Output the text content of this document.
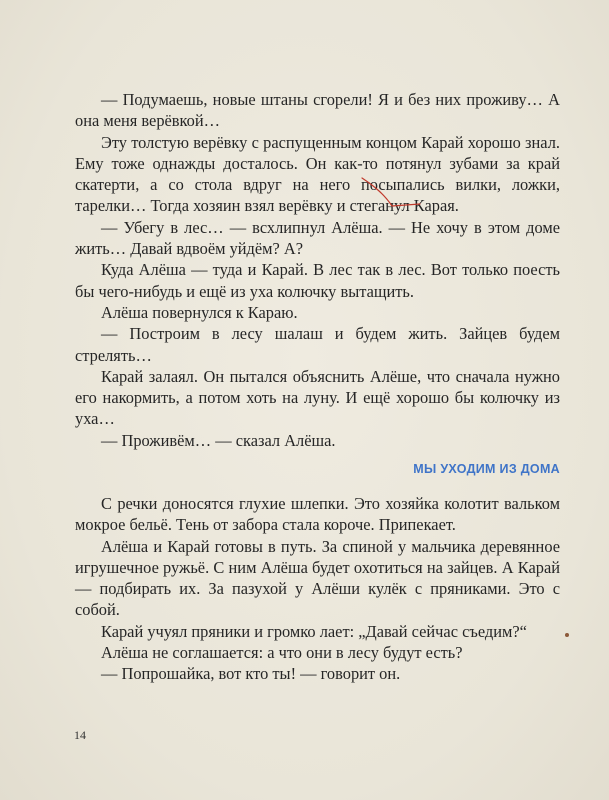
— Подумаешь, новые штаны сгорели! Я и без них проживу… А она меня верёвкой…

Эту толстую верёвку с распущенным концом Карай хорошо знал. Ему тоже однажды досталось. Он как-то потянул зубами за край скатерти, а со стола вдруг на него посыпались вилки, ложки, тарелки… Тогда хозяин взял верёвку и стеганул Карая.

— Убегу в лес… — всхлипнул Алёша. — Не хочу в этом доме жить… Давай вдвоём уйдём? А?

Куда Алёша — туда и Карай. В лес так в лес. Вот только поесть бы чего-нибудь и ещё из уха колючку вытащить.

Алёша повернулся к Караю.

— Построим в лесу шалаш и будем жить. Зайцев будем стрелять…

Карай залаял. Он пытался объяснить Алёше, что сначала нужно его накормить, а потом хоть на луну. И ещё хорошо бы колючку из уха…

— Проживём… — сказал Алёша.

МЫ УХОДИМ ИЗ ДОМА

С речки доносятся глухие шлепки. Это хозяйка колотит вальком мокрое бельё. Тень от забора стала короче. Припекает.

Алёша и Карай готовы в путь. За спиной у мальчика деревянное игрушечное ружьё. С ним Алёша будет охотиться на зайцев. А Карай — подбирать их. За пазухой у Алёши кулёк с пряниками. Это с собой.

Карай учуял пряники и громко лает: „Давай сейчас съедим?“

Алёша не соглашается: а что они в лесу будут есть?

— Попрошайка, вот кто ты! — говорит он.

14
